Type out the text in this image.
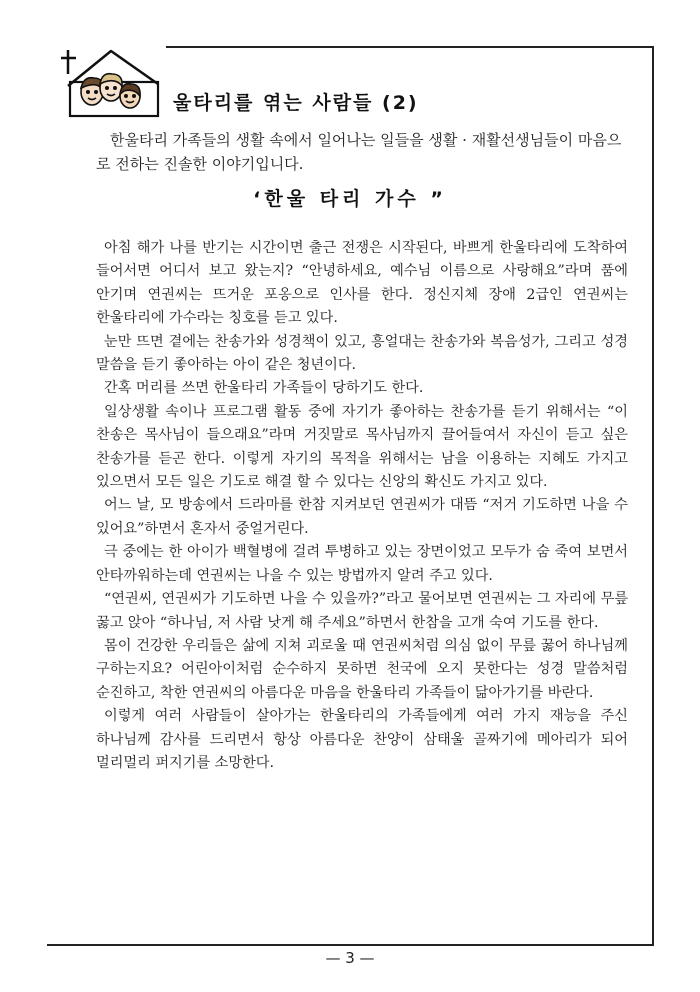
울타리를 엮는 사람들 (2)

한울타리 가족들의 생활 속에서 일어나는 일들을 생활 · 재활선생님들이 마음으로 전하는 진솔한 이야기입니다.

‘한울 타리 가수 ”

아침 해가 나를 반기는 시간이면 출근 전쟁은 시작된다, 바쁘게 한울타리에 도착하여 들어서면 어디서 보고 왔는지? “안녕하세요, 예수님 이름으로 사랑해요”라며 품에 안기며 연권씨는 뜨거운 포옹으로 인사를 한다. 정신지체 장애 2급인 연권씨는 한울타리에 가수라는 칭호를 듣고 있다.

눈만 뜨면 곁에는 찬송가와 성경책이 있고, 흥얼대는 찬송가와 복음성가, 그리고 성경 말씀을 듣기 좋아하는 아이 같은 청년이다.

간혹 머리를 쓰면 한울타리 가족들이 당하기도 한다.

일상생활 속이나 프로그램 활동 중에 자기가 좋아하는 찬송가를 듣기 위해서는 “이 찬송은 목사님이 들으래요”라며 거짓말로 목사님까지 끌어들여서 자신이 듣고 싶은 찬송가를 듣곤 한다. 이렇게 자기의 목적을 위해서는 남을 이용하는 지혜도 가지고 있으면서 모든 일은 기도로 해결 할 수 있다는 신앙의 확신도 가지고 있다.

어느 날, 모 방송에서 드라마를 한참 지켜보던 연권씨가 대뜸 “저거 기도하면 나을 수 있어요”하면서 혼자서 중얼거린다.

극 중에는 한 아이가 백혈병에 걸려 투병하고 있는 장면이었고 모두가 숨 죽여 보면서 안타까워하는데 연권씨는 나을 수 있는 방법까지 알려 주고 있다.

“연권씨, 연권씨가 기도하면 나을 수 있을까?”라고 물어보면 연권씨는 그 자리에 무릎 꿇고 앉아 “하나님, 저 사람 낫게 해 주세요”하면서 한참을 고개 숙여 기도를 한다.

몸이 건강한 우리들은 삶에 지쳐 괴로울 때 연권씨처럼 의심 없이 무릎 꿇어 하나님께 구하는지요? 어린아이처럼 순수하지 못하면 천국에 오지 못한다는 성경 말씀처럼 순진하고, 착한 연권씨의 아름다운 마음을 한울타리 가족들이 닮아가기를 바란다.

이렇게 여러 사람들이 살아가는 한울타리의 가족들에게 여러 가지 재능을 주신 하나님께 감사를 드리면서 항상 아름다운 찬양이 삼태울 골짜기에 메아리가 되어 멀리멀리 퍼지기를 소망한다.

— 3 —
